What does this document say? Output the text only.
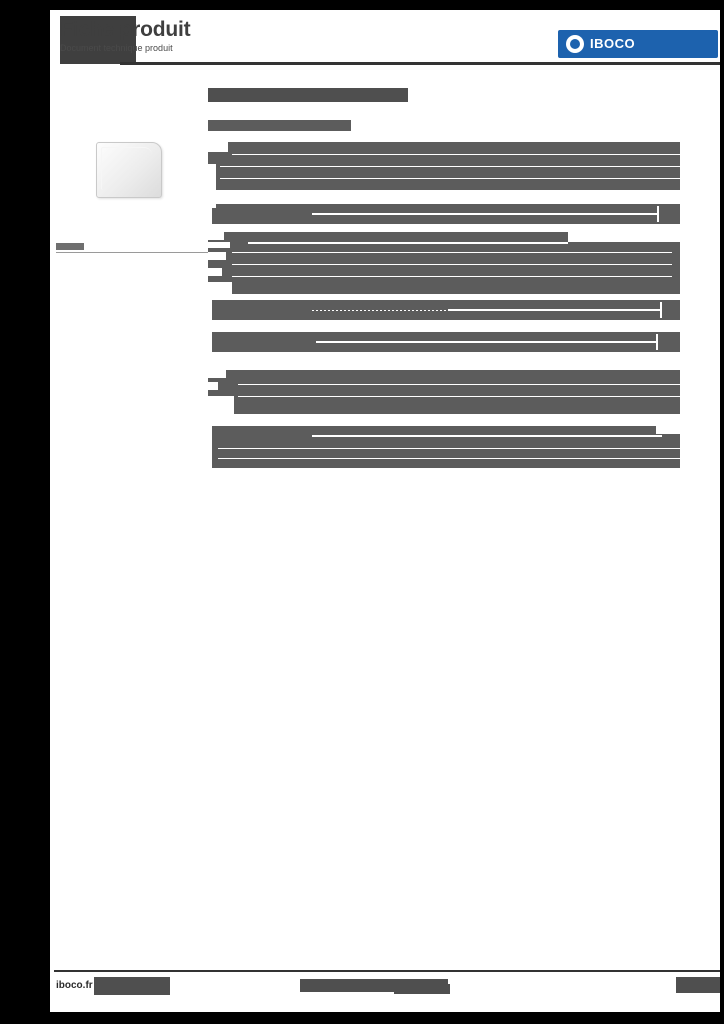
Fiche produit
Document technique produit	IBOCO
iboco.fr
